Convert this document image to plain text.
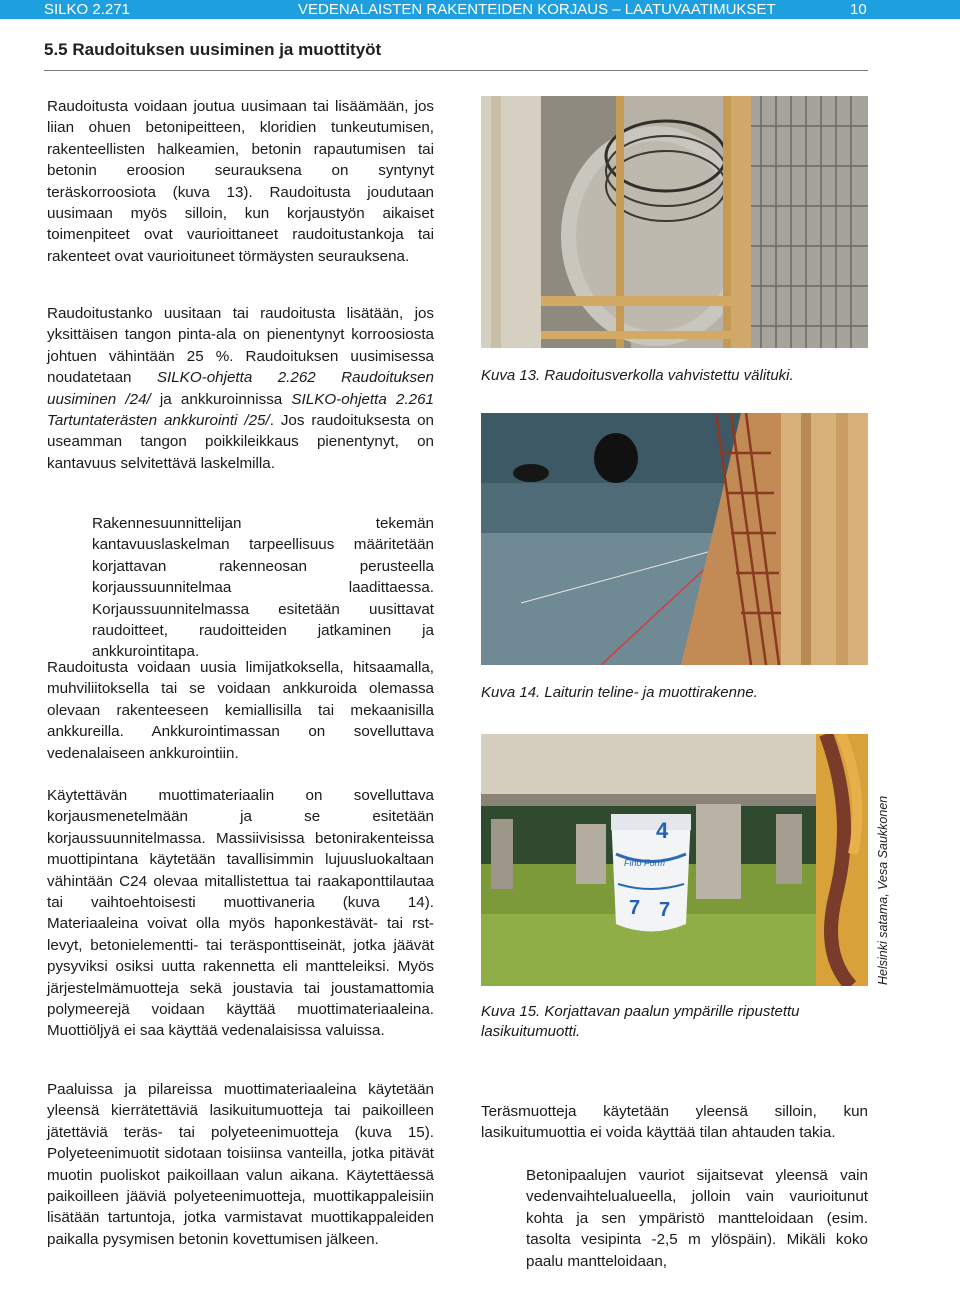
SILKO 2.271	VEDENALAISTEN RAKENTEIDEN KORJAUS – LAATUVAATIMUKSET	10
5.5 Raudoituksen uusiminen ja muottityöt

Raudoitusta voidaan joutua uusimaan tai lisäämään, jos liian ohuen betonipeitteen, kloridien tunkeutumisen, rakenteellisten halkeamien, betonin rapautumisen tai betonin eroosion seurauksena on syntynyt teräskorroosiota (kuva 13). Raudoitusta joudutaan uusimaan myös silloin, kun korjaustyön aikaiset toimenpiteet ovat vaurioittaneet raudoitustankoja tai rakenteet ovat vaurioituneet törmäysten seurauksena.

Raudoitustanko uusitaan tai raudoitusta lisätään, jos yksittäisen tangon pinta-ala on pienentynyt korroosiosta johtuen vähintään 25 %. Raudoituksen uusimisessa noudatetaan SILKO-ohjetta 2.262 Raudoituksen uusiminen /24/ ja ankkuroinnissa SILKO-ohjetta 2.261 Tartuntaterästen ankkurointi /25/. Jos raudoituksesta on useamman tangon poikkileikkaus pienentynyt, on kantavuus selvitettävä laskelmilla.

Rakennesuunnittelijan tekemän kantavuuslaskelman tarpeellisuus määritetään korjattavan rakenneosan perusteella korjaussuunnitelmaa laadittaessa. Korjaussuunnitelmassa esitetään uusittavat raudoitteet, raudoitteiden jatkaminen ja ankkurointitapa.

Raudoitusta voidaan uusia limijatkoksella, hitsaamalla, muhviliitoksella tai se voidaan ankkuroida olemassa olevaan rakenteeseen kemiallisilla tai mekaanisilla ankkureilla. Ankkurointimassan on sovelluttava vedenalaiseen ankkurointiin.

Käytettävän muottimateriaalin on sovelluttava korjausmenetelmään ja se esitetään korjaussuunnitelmassa. Massiivisissa betonirakenteissa muottipintana käytetään tavallisimmin lujuusluokaltaan vähintään C24 olevaa mitallistettua tai raakaponttilautaa tai vaihtoehtoisesti muottivaneria (kuva 14). Materiaaleina voivat olla myös haponkestävät- tai rst-levyt, betonielementti- tai teräsponttiseinät, jotka jäävät pysyviksi osiksi uutta rakennetta eli mantteleiksi. Myös järjestelmämuotteja sekä joustavia tai joustamattomia polymeerejä voidaan käyttää muottimateriaaleina. Muottiöljyä ei saa käyttää vedenalaisissa valuissa.

Paaluissa ja pilareissa muottimateriaaleina käytetään yleensä kierrätettäviä lasikuitumuotteja tai paikoilleen jätettäviä teräs- tai polyeteenimuotteja (kuva 15). Polyeteenimuotit sidotaan toisiinsa vanteilla, jotka pitävät muotin puoliskot paikoillaan valun aikana. Käytettäessä paikoilleen jääviä polyeteenimuotteja, muottikappaleisiin lisätään tartuntoja, jotka varmistavat muottikappaleiden paikalla pysymisen betonin kovettumisen jälkeen.

Kuva 13. Raudoitusverkolla vahvistettu välituki.

Kuva 14. Laiturin teline- ja muottirakenne.

4
7 7
Fino Form	Helsinki satama, Vesa Saukkonen

Kuva 15. Korjattavan paalun ympärille ripustettu lasikuitumuotti.

Teräsmuotteja käytetään yleensä silloin, kun lasikuitumuottia ei voida käyttää tilan ahtauden takia.

Betonipaalujen vauriot sijaitsevat yleensä vain vedenvaihtelualueella, jolloin vain vaurioitunut kohta ja sen ympäristö mantteloidaan (esim. tasolta vesipinta -2,5 m ylöspäin). Mikäli koko paalu mantteloidaan,
